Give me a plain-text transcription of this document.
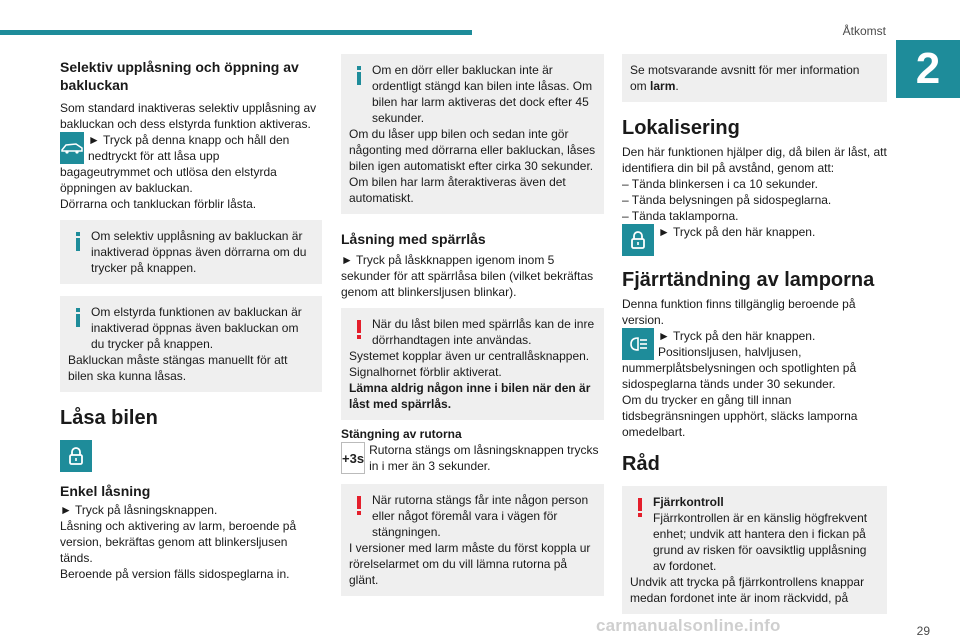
Åtkomst
2
Selektiv upplåsning och öppning av bakluckan

Som standard inaktiveras selektiv upplåsning av bakluckan och dess elstyrda funktion aktiveras.

► Tryck på denna knapp och håll den nedtryckt för att låsa upp

bagageutrymmet och utlösa den elstyrda öppningen av bakluckan.

Dörrarna och tankluckan förblir låsta.

Om selektiv upplåsning av bakluckan är inaktiverad öppnas även dörrarna om du trycker på knappen.

Om elstyrda funktionen av bakluckan är inaktiverad öppnas även bakluckan om du trycker på knappen.

Bakluckan måste stängas manuellt för att bilen ska kunna låsas.

Låsa bilen
Enkel låsning

► Tryck på låsningsknappen.

Låsning och aktivering av larm, beroende på version, bekräftas genom att blinkersljusen tänds.

Beroende på version fälls sidospeglarna in.

Om en dörr eller bakluckan inte är ordentligt stängd kan bilen inte låsas. Om bilen har larm aktiveras det dock efter 45 sekunder.

Om du låser upp bilen och sedan inte gör någonting med dörrarna eller bakluckan, låses bilen igen automatiskt efter cirka 30 sekunder. Om bilen har larm återaktiveras även det automatiskt.

Låsning med spärrlås

► Tryck på låskknappen igenom inom 5 sekunder för att spärrlåsa bilen (vilket bekräftas genom att blinkersljusen blinkar).

När du låst bilen med spärrlås kan de inre dörrhandtagen inte användas.

Systemet kopplar även ur centrallåsknappen.

Signalhornet förblir aktiverat.

Lämna aldrig någon inne i bilen när den är låst med spärrlås.

Stängning av rutorna
+3s

Rutorna stängs om låsningsknappen trycks in i mer än 3 sekunder.

När rutorna stängs får inte någon person eller något föremål vara i vägen för stängningen.

I versioner med larm måste du först koppla ur rörelselarmet om du vill lämna rutorna på glänt.

Se motsvarande avsnitt för mer information om larm.

Lokalisering

Den här funktionen hjälper dig, då bilen är låst, att identifiera din bil på avstånd, genom att:

– Tända blinkersen i ca 10 sekunder.

– Tända belysningen på sidospeglarna.

– Tända taklamporna.

► Tryck på den här knappen.

Fjärrtändning av lamporna

Denna funktion finns tillgänglig beroende på version.

► Tryck på den här knappen.

Positionsljusen, halvljusen,

nummerplåtsbelysningen och spotlighten på sidospeglarna tänds under 30 sekunder.

Om du trycker en gång till innan tidsbegränsningen upphört, släcks lamporna omedelbart.

Råd

Fjärrkontroll

Fjärrkontrollen är en känslig högfrekvent enhet; undvik att hantera den i fickan på grund av risken för oavsiktlig upplåsning av fordonet.

Undvik att trycka på fjärrkontrollens knappar medan fordonet inte är inom räckvidd, på

29
carmanualsonline.info
